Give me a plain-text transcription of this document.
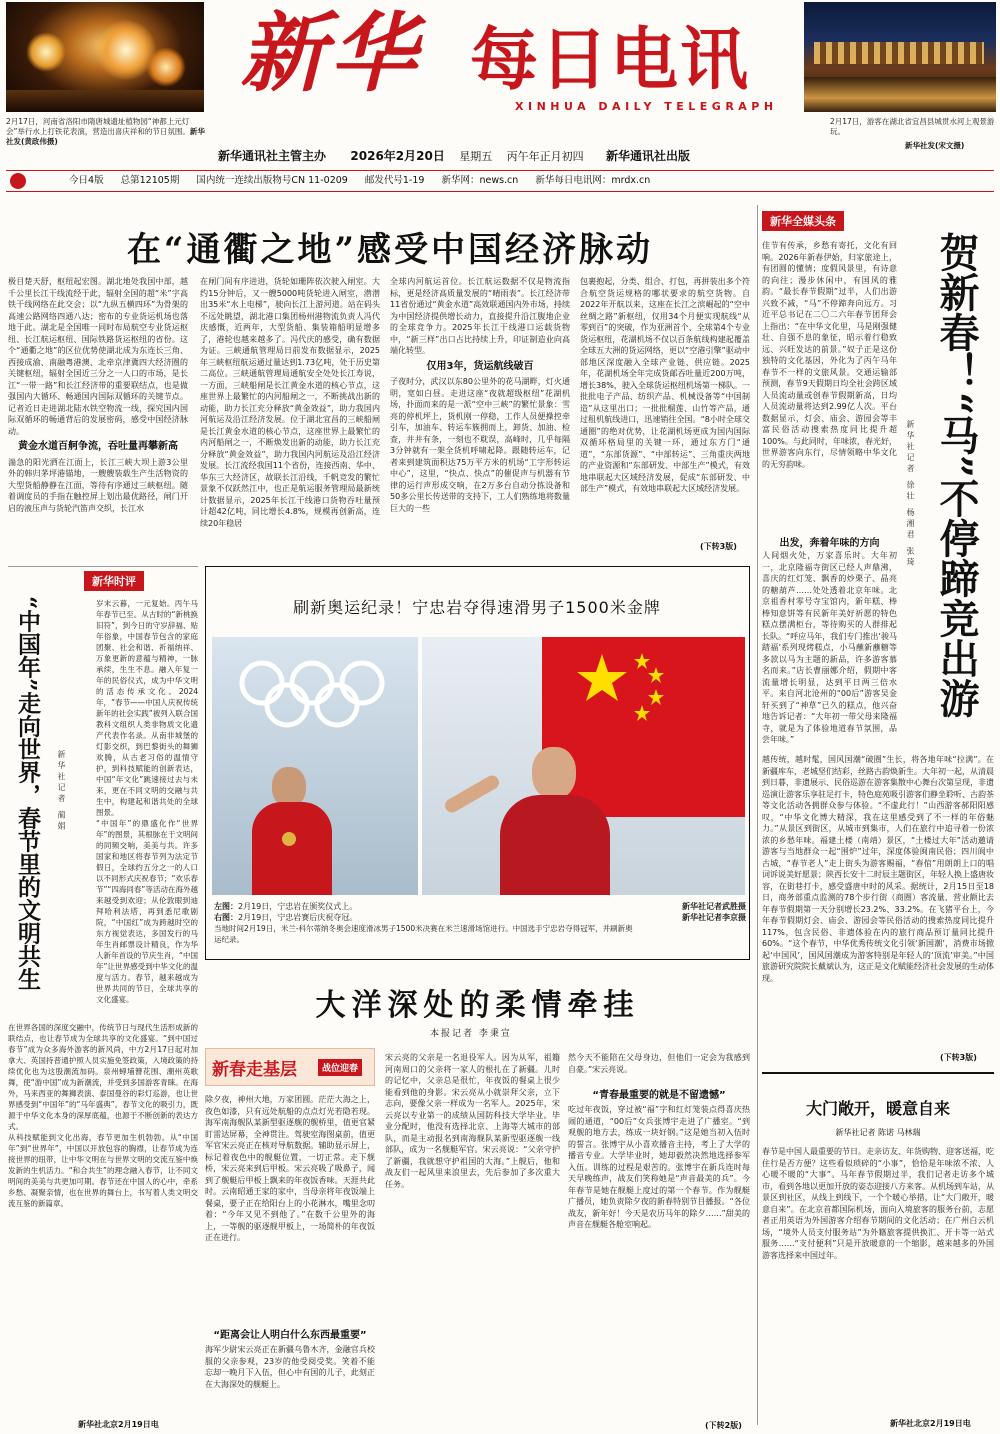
2月17日，河南省洛阳市隋唐城遗址植物园“神都上元灯会”举行水上打铁花表演，营造出喜庆祥和的节日氛围。新华社发(黄政伟摄)
2月17日，游客在湖北省宜昌县城贯水河上观景游玩。
新华社发(宋文摄)
新华 每日电讯
XINHUA DAILY TELEGRAPH
新华通讯社主管主办 2026年2月20日 星期五 丙午年正月初四 新华通讯社出版
今日4版 总第12105期 国内统一连续出版物号CN 11-0209 邮发代号1-19 新华网：news.cn 新华每日电讯网：mrdx.cn
在“通衢之地”感受中国经济脉动

极目楚天舒，枢纽起宏图。湖北地处我国中部，越千公里长江干线流经于此，辐射全国的超“米”字高铁干线网络在此交会；以“九纵五横四环”为骨架的高速公路网络四通八达；密布的专业货运机场也落地于此。湖北是全国唯一同时布局航空专业货运枢纽、长江航运枢纽、国际铁路货运枢纽的省份。这个“通衢之地”的区位优势使湖北成为东连长三角、西接成渝、南融粤港澳、北牵京津冀四大经济圈的关键枢纽，辐射全国近三分之一人口的市场，是长江“一带一路”和长江经济带的重要联结点，也是做强国内大循环、畅通国内国际双循环的关键节点。记者近日走进湖北陆水铁空物流一线，探究国内国际双循环的畅通背后的发展密码，感受中国经济脉动。

黄金水道百舸争流，吞吐量再攀新高

湍急的阳光洒在江面上，长江三峡大坝上游3公里外的韩归茅坪港锚地，一艘艘装载生产生活物资的大型货船静静在江面，等待有序通过三峡枢纽。随着调度员的手指在触控屏上划出最优路径，闸门开启的液压声与货轮汽笛声交织，长江水

在闸门间有序进进，货轮如珊阵依次驶入闸室。大约15分钟后，又一艘5000吨货轮进入闸室，潜潜出35米“水上电梯”，驶向长江上游河道。站在码头不远处眺望，湖北港口集团杨州港物流负责人冯代庆感慨，近两年，大型货船、集装箱船明显增多了，港轮也越来越多了。冯代庆的感受，确有数据为证。三峡通航管理局日前发布数据显示，2025年三峡枢纽航运通过量达到1.73亿吨，处于历史第二高位。三峡通航管理局通航安全处处长江寿说，一方面，三峡船闸是长江黄金水道的核心节点，这座世界上最繁忙的内河船闸之一，不断挑战出新的动能，助力长江充分释放“黄金效益”，助力我国内河航运及沿江经济发展。位于湖北宜昌的三峡船闸是长江黄金水道的核心节点，这座世界上最繁忙的内河船闸之一，不断焕发出新的动能，助力长江充分释放“黄金效益”，助力我国内河航运及沿江经济发展。长江流经我国11个省份，连接西南、华中、华东三大经济区，故联长江沿线，千帆竞发的繁忙景象不仅跃然江中，也正是航运服务管理局最新统计数据显示，2025年长江干线港口货物吞吐量预计超42亿吨，同比增长4.8%，规模再创新高，连续20年稳居

全球内河航运首位。长江航运数据不仅是物流指标，更是经济高质量发展的“晴雨表”。长江经济带11省份通过“黄金水道”高效联通国内外市场，持续为中国经济提供增长动力，直接提升沿江腹地企业的全球竞争力。2025年长江干线港口运载货物中，“新三样”出口占比持续上升，印证制造业向高端化转型。

仅用3年，货运航线破百

子夜时分，武汉以东80公里外的花马湖畔，灯火通明，宽如白昼。走进这座“夜就超级枢纽”花湖机场，扑面而来的是一派“空中三峡”的繁忙景象：雪亮的停机坪上，货机刚一停稳，工作人员便操控牵引车，加油车、转运车簇拥而上，卸货、加油、检查，井井有条，一刻也不耽误，高峰时，几乎每隔3分钟就有一架全货机呼啸起降。跟随转运车，记者来到建筑面积达75万平方米的机场“工字形转运中心”，这里，“快点、快点”的催促声与机器有节律的运行声形成交响，在2万多台自动分拣设备和50多公里长传送带的支持下，工人们熟练地将数量巨大的一些

包裹抱起，分类、组合、打包，再拼装出多个符合航空货运规格的哪状要求的航空货物。自2022年开航以来，这座在长江之滨崛起的“空中丝绸之路”新枢纽，仅用34个月便实现航线“从零到百”的突破，作为亚洲首个、全球第4个专业货运枢纽，花湖机场不仅以百条航线构建起覆盖全球五大洲的货运网络，更以“空港引擎”驱动中部地区深度融入全球产业链、供应链。2025年，花湖机场全年完成货邮吞吐量近200万吨，增长38%，驶入全球货运枢纽机场第一梯队。一批批电子产品、纺织产品、机械设备等“中国制造”从这里出口；一批批榴莲、山竹等产品，通过租机航线进口，迅速销往全国。“8小时全球交通圈”的绝对优势，让花湖机场更成为国内国际双循环格局里的关键一环，通过东方门“通道”，“东部货源”、“中部转运”、三角重庆两地的产业资源和“东部研发、中部生产”模式，有效地串联起大区域经济发展，促成“东部研发、中部生产”模式，有效地串联起大区域经济发展。

(下转3版)
新华全媒头条
贺新春！“马”不停蹄竞出游
新华社记者 徐壮 杨湘君 张琦

佳节有传承，乡愁有寄托，文化有回响。2026年新春伊始，归家旅途上，有团圆的懂情；度假风景里，有诗意的向往；漫步休闲中，有国风的雅韵。“最长春节假期”过半，人们出游兴致不减，“马”不停蹄奔向远方。习近平总书记在二〇二六年春节团拜会上指出：“在中华文化里，马是刚强健壮、自强不息的象征，昭示着行稳致远、兴旺发达的前景。”奴子正是这份独特的文化基因，外化为了丙午马年春节不一样的文旅风景。交通运输部预测，春节9天假期日均全社会跨区域人员流动量或创春节假期新高，日均人员流动量将达到2.99亿人次。平台数据显示，灯会、庙会、游园会等丰富民俗活动搜索热度同比提升超100%。与此同时，年味浓，春光好，世界游客向东行，尽情领略中华文化的无穷韵味。

出发，奔着年味的方向

人间烟火处，万家喜乐时。大年初一，北京隆福寺街区已经人声鼎沸，喜庆的红灯笼、飘香的炒栗子、晶亮的糖葫芦……处处透着北京年味。北京祖香村零号寺宝馆内，新年糕、棒棒知意饼等有民新年美好祈愿的特色糕点摆满柜台，等待购买的人群排起长队。“呼应马年，我们专门推出‘骏马踏福’系列现烤糕点，小马蘸新蘸糖等多款以马为主题的新品，许多游客慕名而来。”店长曹丽娜介绍，假期中客流量增长明显，达到平日两三倍水平。来自河北沧州的“00后”游客吴金轩买到了“神草”已久的糕点，他兴奋地告诉记者：“大年初一带父母来隆福寺，就是为了体验地道春节氛围，品尝年味。”

越传统，越时髦，国风国潮“破圈”生长，将各地年味“拉满”。在新疆库车，老城坚们结彩，丝路古韵焕新生。大年初一起，从清晨到日暮，非遗展示、民俗巡游在游客集散中心舞台次第呈现，非遗巡演让游客乐享驻足打卡，特色庭苑吸引游客们静坐聆听、古韵茶等文化活动各拥群众参与体验。“不虚此行！”山西游客郝阳阳感叹，“中华文化博大精深，我在这里感受到了不一样的年俗魅力。”从景区到街区，从城市到集市，人们在旅行中追寻着一份浓浓的乡愁年味。福建土楼（南靖）景区，“土楼过大年”活动邀请游客与当地群众一起“围炉”过年，深度体验闽南民俗；四川阆中古城，“春节老人”走上街头为游客赐福，“春倌”用朗朗上口的唱词诉说美好愿景；陕西长安十二时辰主题街区，年轻人换上盛唐妆容，在街巷打卡，感受盛唐中时的风采。据统计，2月15日至18日，商务部重点监测的78个步行街（商圈）客流量、营业额比去年春节假期第一天分别增长23.2%、33.2%。在飞猪平台上，今年春节假期灯会、庙会、游园会等民俗活动的搜索热度同比提升117%，包含民俗、非遗体验在内的旅行商品预订量同比提升60%。“这个春节，中华优秀传统文化引领‘新国潮’，消费市场掀起‘中国风’，国风国潮成为游客特别是年轻人的‘顶流’审美。”中国旅游研究院院长戴斌认为，这正是文化赋能经济社会发展的生动体现。

(下转3版)
大门敞开，暖意自来
新华社记者 陈诺 马林瑞

春节是中国人最重要的节日。走亲访友、年货购物、迎客送福，吃住行是否方便？这些看似琐碎的“小事”，恰恰是年味浓不浓、人心暖不暖的“大事”。马年春节假期过半，我们记者走访多个城市，看到各地以更加开放的姿态迎接八方来客。从机场到车站，从景区到社区，从线上到线下，一个个暖心举措，让“大门敞开，暖意自来”。在北京首都国际机场，面向入境旅客的服务台前，志愿者正用英语为外国游客介绍春节期间的文化活动；在广州白云机场，“境外人员支付服务站”为外籍旅客提供换汇、开卡等一站式服务……“支付便利”只是开放暖意的一个缩影，越来越多的外国游客选择来中国过年。

新华社北京2月19日电
新华时评
“中国年”走向世界，春节里的文明共生 新华社记者 蔺娟

岁末云暮，一元复始。丙午马年春节已至。从古时的“新桃换旧符”，到今日的守岁辞福、贴年俗象，中国春节包含的家庭团聚、社会和谐、祈福纳祥、万象更新的意蕴与精神，一脉承续，生生不息。融入年复一年的民俗仪式，成为中华文明的活态传承文化。2024年，“春节——中国人庆祝传统新年的社会实践”被列入联合国教科文组织人类非物质文化遗产代表作名录。从南非城堡的灯影交织，到巴黎街头的舞狮欢腾，从古老习俗的温情守护，到科技赋能的创新表达，中国“年文化”跳速接过去与未来，更在不同文明的交融与共生中，构建起和谐共处的全球图景。

“中国年”的鼎盛化作“世界年”的图景，其根脉在于文明间的同频交响，美美与共。许多国家和地区将春节列为法定节假日，全球约五分之一的人口以不同形式庆祝春节；“欢乐春节”“四海同春”等活动在海外越来越受到欢迎；从伦敦眼到迪拜哈利法塔，再到悉尼歌剧院，“中国红”成为跨越时空的东方视觉表达，多国发行的马年生肖邮票设计精良，作为华人新年首设的节庆生肖，“中国年”让世界感受到中华文化的温度与活力。春节，越来越成为世界共同的节日，全球共享的文化盛宴。

在世界各国的深度交融中，传统节日与现代生活形成新的联结点，也让春节成为全球共享的文化盛宴。“到中国过春节”成为众多海外游客的新风尚，中方2月17日起对加拿大、英国持普通护照人员实施免签政策，入境政策的持续优化也为这股潮流加码。泉州蟳埔簪花围、潮州英歌舞，使“游中国”成为新潮流，并受到多国游客青睐。在海外，马来西亚的舞狮表演、泰国曼谷的彩灯巡游，也让世界感受到“中国年”的“马年盛典”。春节文化的吸引力，既源于中华文化本身的深厚底蕴，也源于不断创新的表达方式。

从科技赋能到文化出海，春节更加生机勃勃。从“中国年”到“世界年”，中国以开放包容的胸襟，让春节成为连接世界的纽带，让中华文明在与世界文明的交流互鉴中焕发新的生机活力。“和合共生”的理念融入春节，让不同文明间的美美与共更加可期。春节还在中国人的心中，牵系乡愁、凝聚亲情，也在世界的舞台上，书写着人类文明交流互鉴的新篇章。

新华社北京2月19日电
刷新奥运纪录！宁忠岩夺得速滑男子1500米金牌
左图：2月19日，宁忠岩在颁奖仪式上。
右图：2月19日，宁忠岩赛后庆祝夺冠。
当地时间2月19日，米兰-科尔蒂纳冬奥会速度滑冰男子1500米决赛在米兰速滑场馆进行。中国选手宁忠岩夺得冠军，并刷新奥运纪录。
新华社记者武胜摄
新华社记者李京摄
大洋深处的柔情牵挂
本报记者 李秉宣
新春走基层	战位迎春

除夕夜，神州大地，万家团圆。茫茫大海之上，夜色如漆，只有远处航船的点点灯光若隐若现。海军南海舰队某新型驱逐舰的舰桥里，值更官紧盯雷达屏幕，全神贯注。驾驶室海图桌前，值更军官宋云亮正在核对导航数据。辅助显示屏上，标记着夜色中的舰艇位置，一切正常。走下舰桥，宋云亮来到后甲板。宋云亮吸了吸鼻子，闻到了舰艇后甲板上飘来的年夜饭香味。天涯共此时。云南昭通王家的家中，当母亲将年夜饭端上餐桌，要子正在给阳台上的小花淋水，嘴里念叨着：“今年又见不到他了。”在数千公里外的海上，一等舰的驱逐舰甲板上，一场简朴的年夜饭正在进行。

“距离会让人明白什么东西最重要”

海军少尉宋云亮正在新疆乌鲁木齐，金融官兵校服的父亲参观，23岁的他受阅受奖。笑着不能忘却一晚月下入伍，但心中有国的儿子，此刻正在大海深处的舰艇上。

宋云亮的父亲是一名退役军人。因为从军，祖籍河南周口的父亲将一家人的根扎在了新疆。儿时的记忆中，父亲总是很忙，年夜饭的餐桌上很少能看到他的身影。宋云亮从小就崇拜父亲，立下志向，要像父亲一样成为一名军人。2025年，宋云亮以专业第一的成绩从国防科技大学毕业。毕业分配时，他没有选择北京、上海等大城市的部队，而是主动报名到南海舰队某新型驱逐舰一线部队，成为一名舰艇军官。宋云亮说：“父亲守护了新疆，我就想守护祖国的大海。”上舰后，他和战友们一起风里来浪里去，先后参加了多次重大任务。

然今天不能陪在父母身边，但他们一定会为我感到自豪。”宋云亮说。

“青春最重要的就是不留遗憾”

吃过年夜饭，穿过被“福”字和红灯笼装点得喜庆热闹的通道，“00后”女兵张博宇走进了广播室。“到观舰的地方去，练成一块好钢。”这是她当初入伍时的誓言。张博宇从小喜欢播音主持，考上了大学的播音专业。大学毕业时，她却毅然决然地选择参军入伍。训练的过程是艰苦的。张博宇在新兵连时每天早晚练声，战友们笑称她是“声音最美的兵”。今年春节是她在舰艇上度过的第一个春节。作为舰艇广播员，她负责除夕夜的新春特别节目播报。“各位战友，新年好！今天是农历马年的除夕……”甜美的声音在舰艇各舱室响起。

(下转2版)
